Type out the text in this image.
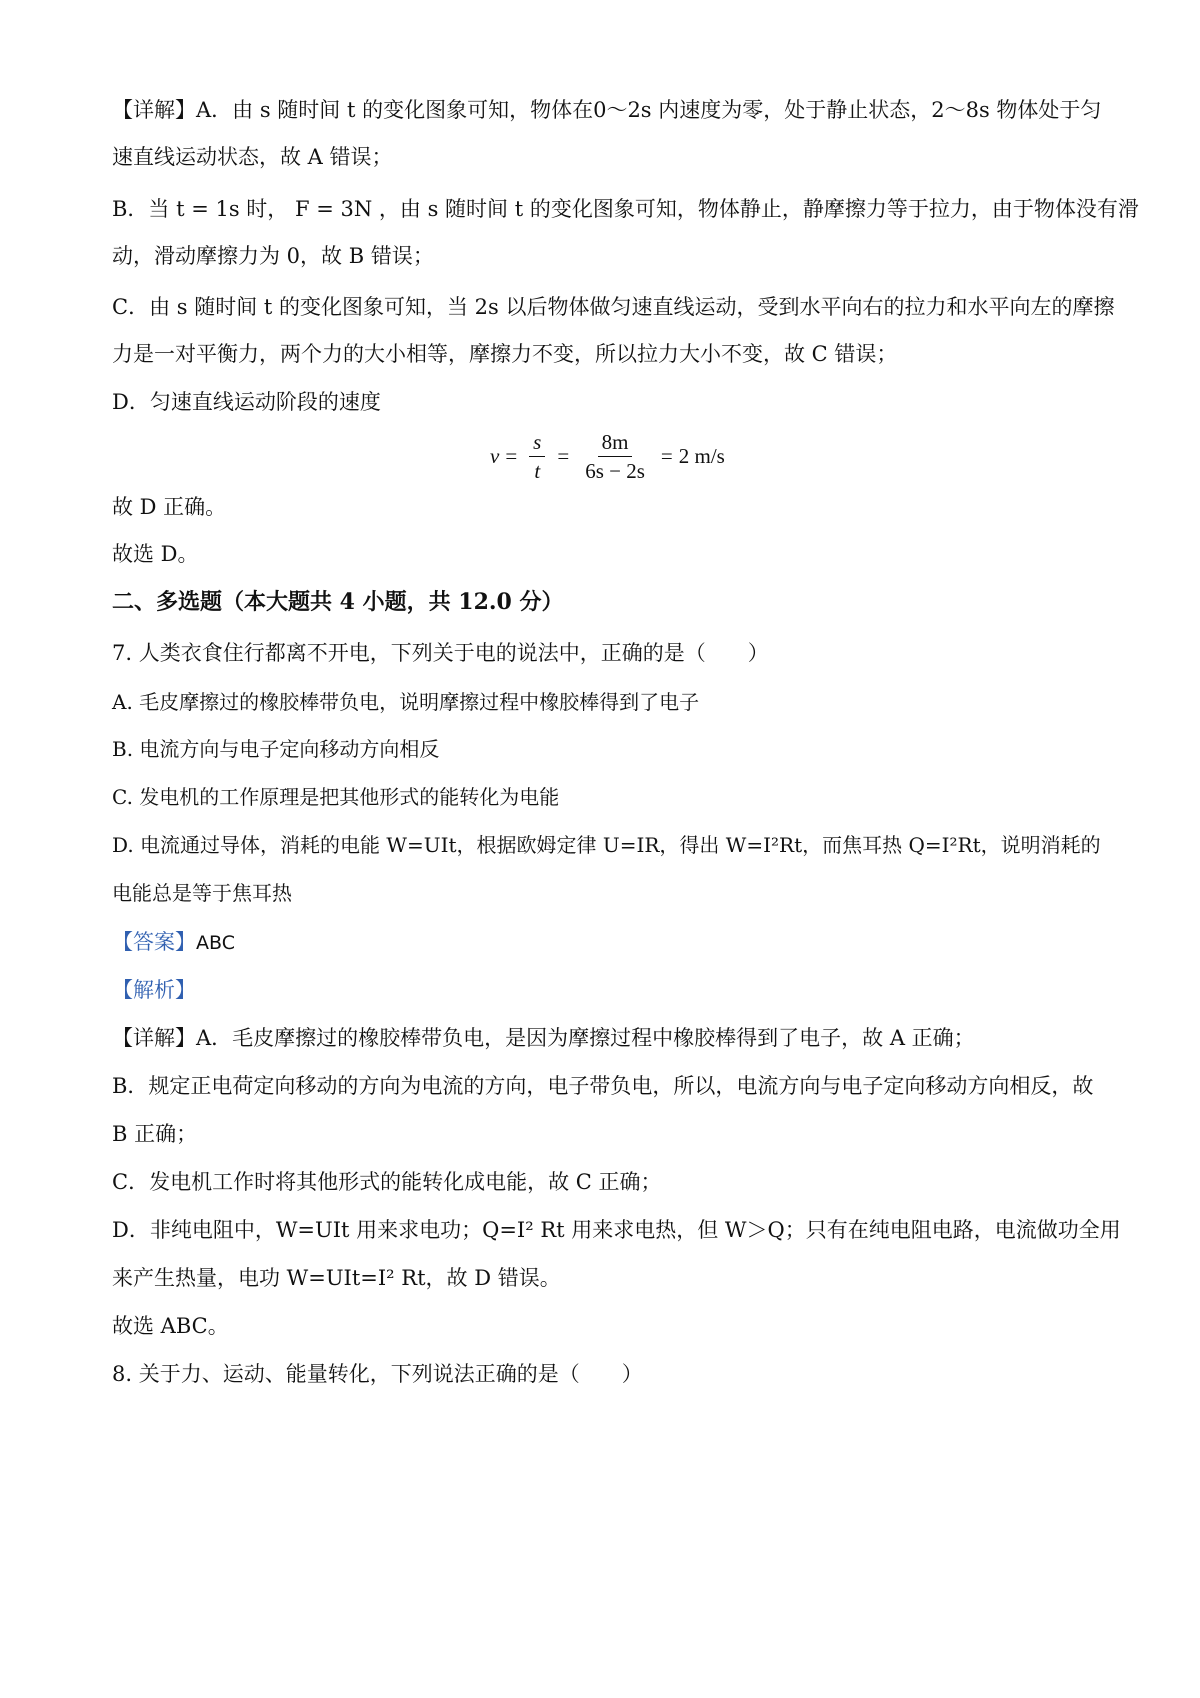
【详解】A．由 s 随时间 t 的变化图象可知，物体在0～2s 内速度为零，处于静止状态，2～8s 物体处于匀
速直线运动状态，故 A 错误；
B．当 t = 1s 时， F = 3N ，由 s 随时间 t 的变化图象可知，物体静止，静摩擦力等于拉力，由于物体没有滑
动，滑动摩擦力为 0，故 B 错误；
C．由 s 随时间 t 的变化图象可知，当 2s 以后物体做匀速直线运动，受到水平向右的拉力和水平向左的摩擦
力是一对平衡力，两个力的大小相等，摩擦力不变，所以拉力大小不变，故 C 错误；
D．匀速直线运动阶段的速度
$v = \frac{s}{t} = \frac{8m}{6s - 2s} = 2$ m/s
故 D 正确。
故选 D。
二、多选题（本大题共 4 小题，共 12.0 分）
7. 人类衣食住行都离不开电，下列关于电的说法中，正确的是（　　）
A. 毛皮摩擦过的橡胶棒带负电，说明摩擦过程中橡胶棒得到了电子
B. 电流方向与电子定向移动方向相反
C. 发电机的工作原理是把其他形式的能转化为电能
D. 电流通过导体，消耗的电能 W=UIt，根据欧姆定律 U=IR，得出 W=I²Rt，而焦耳热 Q=I²Rt，说明消耗的
电能总是等于焦耳热
【答案】ABC
【解析】
【详解】A．毛皮摩擦过的橡胶棒带负电，是因为摩擦过程中橡胶棒得到了电子，故 A 正确；
B．规定正电荷定向移动的方向为电流的方向，电子带负电，所以，电流方向与电子定向移动方向相反，故
B 正确；
C．发电机工作时将其他形式的能转化成电能，故 C 正确；
D．非纯电阻中，W=UIt 用来求电功；Q=I² Rt 用来求电热，但 W＞Q；只有在纯电阻电路，电流做功全用
来产生热量，电功 W=UIt=I² Rt，故 D 错误。
故选 ABC。
8. 关于力、运动、能量转化，下列说法正确的是（　　）
